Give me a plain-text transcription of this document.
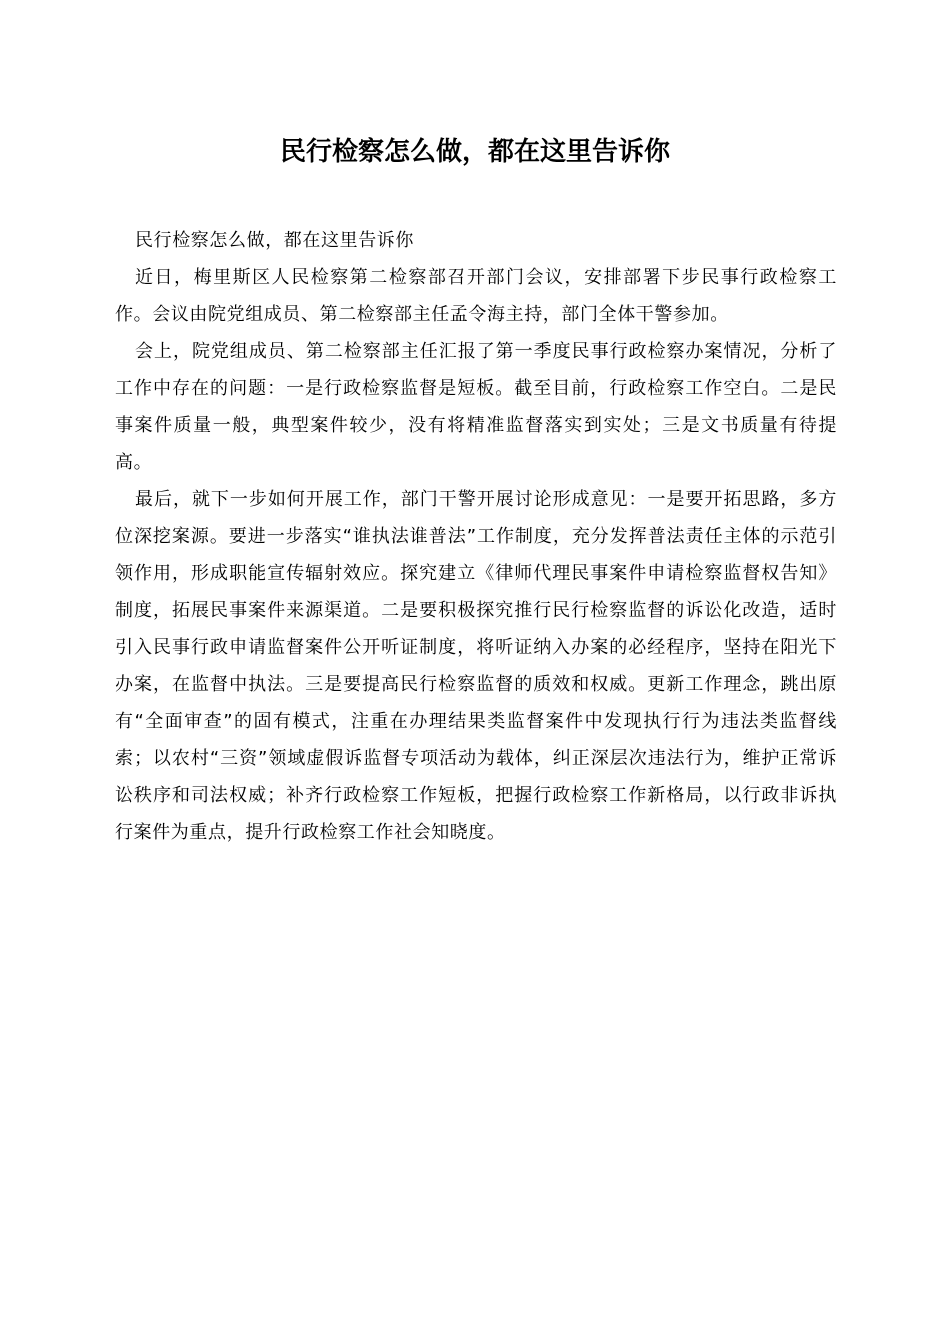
民行检察怎么做，都在这里告诉你

民行检察怎么做，都在这里告诉你

近日，梅里斯区人民检察第二检察部召开部门会议，安排部署下步民事行政检察工作。会议由院党组成员、第二检察部主任孟令海主持，部门全体干警参加。

会上，院党组成员、第二检察部主任汇报了第一季度民事行政检察办案情况，分析了工作中存在的问题：一是行政检察监督是短板。截至目前，行政检察工作空白。二是民事案件质量一般，典型案件较少，没有将精准监督落实到实处；三是文书质量有待提高。

最后，就下一步如何开展工作，部门干警开展讨论形成意见：一是要开拓思路，多方位深挖案源。要进一步落实“谁执法谁普法”工作制度，充分发挥普法责任主体的示范引领作用，形成职能宣传辐射效应。探究建立《律师代理民事案件申请检察监督权告知》制度，拓展民事案件来源渠道。二是要积极探究推行民行检察监督的诉讼化改造，适时引入民事行政申请监督案件公开听证制度，将听证纳入办案的必经程序，坚持在阳光下办案，在监督中执法。三是要提高民行检察监督的质效和权威。更新工作理念，跳出原有“全面审查”的固有模式，注重在办理结果类监督案件中发现执行行为违法类监督线索；以农村“三资”领域虚假诉监督专项活动为载体，纠正深层次违法行为，维护正常诉讼秩序和司法权威；补齐行政检察工作短板，把握行政检察工作新格局，以行政非诉执行案件为重点，提升行政检察工作社会知晓度。
